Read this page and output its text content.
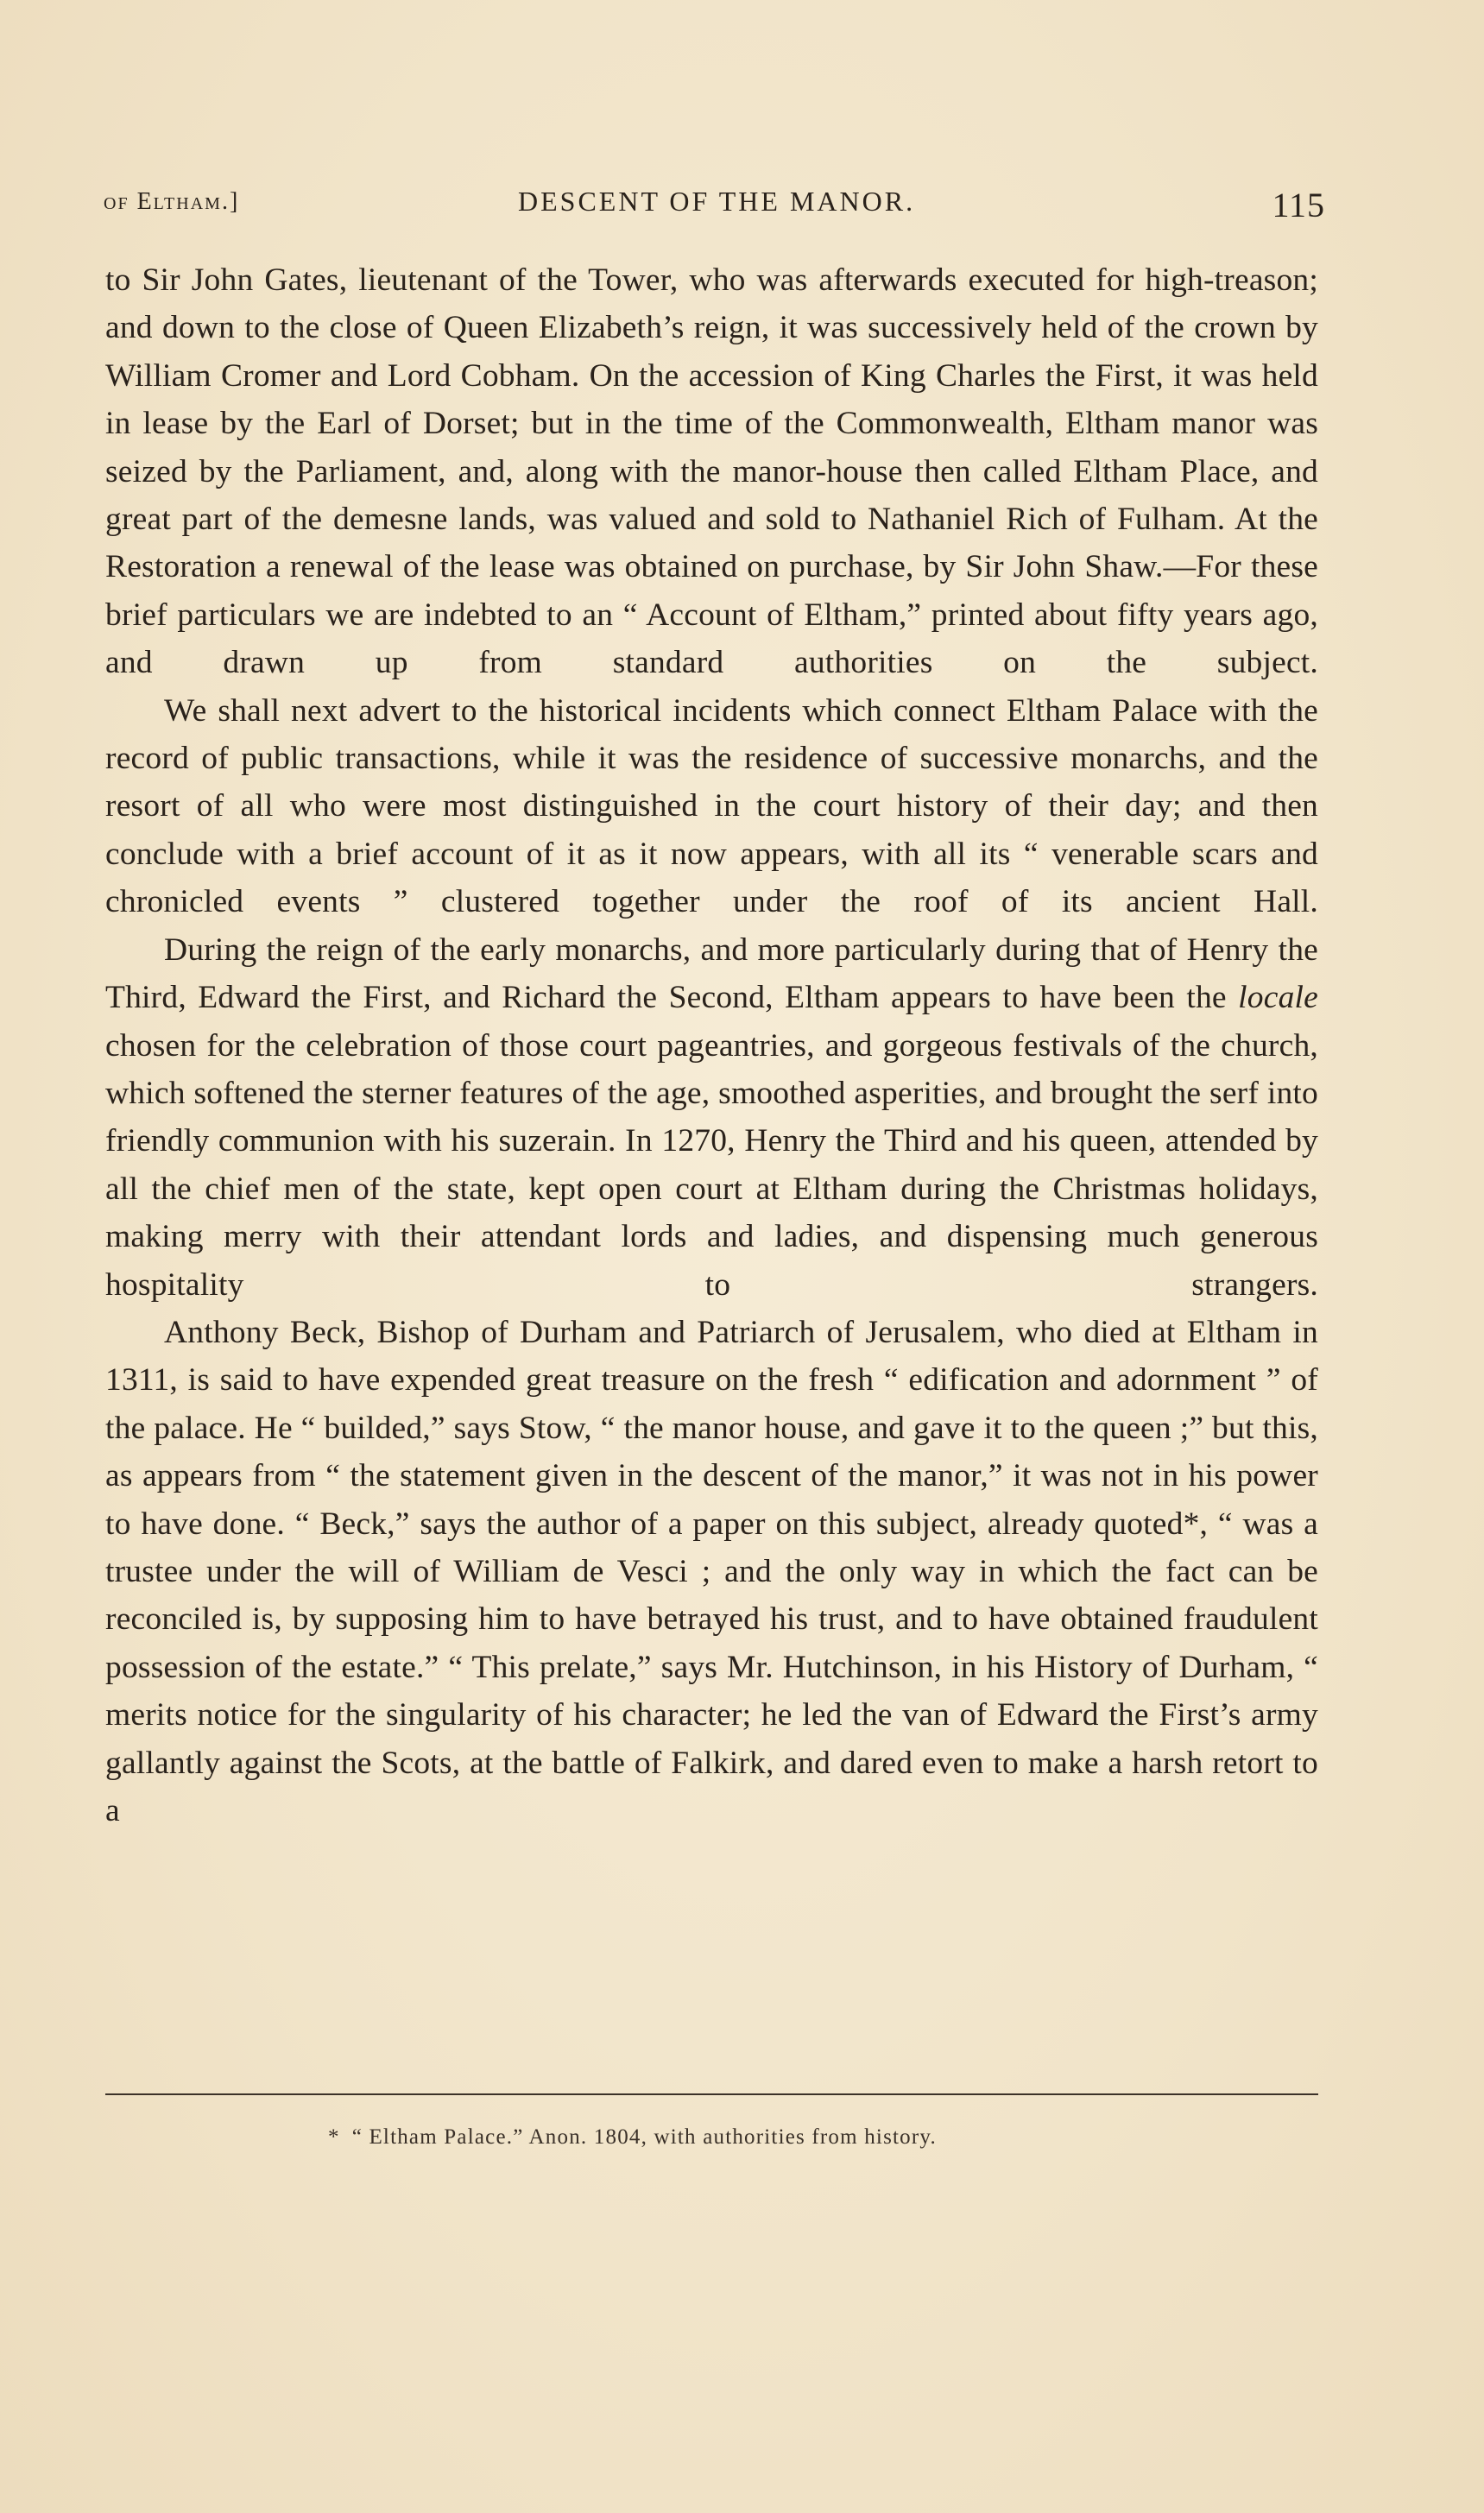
of Eltham.]	DESCENT OF THE MANOR.	115

to Sir John Gates, lieutenant of the Tower, who was afterwards executed for high-treason; and down to the close of Queen Elizabeth’s reign, it was successively held of the crown by William Cromer and Lord Cobham. On the accession of King Charles the First, it was held in lease by the Earl of Dorset; but in the time of the Commonwealth, Eltham manor was seized by the Parliament, and, along with the manor-house then called Eltham Place, and great part of the demesne lands, was valued and sold to Nathaniel Rich of Fulham. At the Restoration a renewal of the lease was obtained on purchase, by Sir John Shaw.—For these brief particulars we are indebted to an “ Account of Eltham,” printed about fifty years ago, and drawn up from standard authorities on the subject.

We shall next advert to the historical incidents which connect Eltham Palace with the record of public transactions, while it was the residence of successive monarchs, and the resort of all who were most distinguished in the court history of their day; and then conclude with a brief account of it as it now appears, with all its “ venerable scars and chronicled events ” clustered together under the roof of its ancient Hall.

During the reign of the early monarchs, and more particularly during that of Henry the Third, Edward the First, and Richard the Second, Eltham appears to have been the locale chosen for the celebration of those court pageantries, and gorgeous festivals of the church, which softened the sterner features of the age, smoothed asperities, and brought the serf into friendly communion with his suzerain. In 1270, Henry the Third and his queen, attended by all the chief men of the state, kept open court at Eltham during the Christmas holidays, making merry with their attendant lords and ladies, and dispensing much generous hospitality to strangers.

Anthony Beck, Bishop of Durham and Patriarch of Jerusalem, who died at Eltham in 1311, is said to have expended great treasure on the fresh “ edification and adornment ” of the palace. He “ builded,” says Stow, “ the manor house, and gave it to the queen ;” but this, as appears from “ the statement given in the descent of the manor,” it was not in his power to have done. “ Beck,” says the author of a paper on this subject, already quoted*, “ was a trustee under the will of William de Vesci ; and the only way in which the fact can be reconciled is, by supposing him to have betrayed his trust, and to have obtained fraudulent possession of the estate.” “ This prelate,” says Mr. Hutchinson, in his History of Durham, “ merits notice for the singularity of his character; he led the van of Edward the First’s army gallantly against the Scots, at the battle of Falkirk, and dared even to make a harsh retort to a

* “ Eltham Palace.” Anon. 1804, with authorities from history.
